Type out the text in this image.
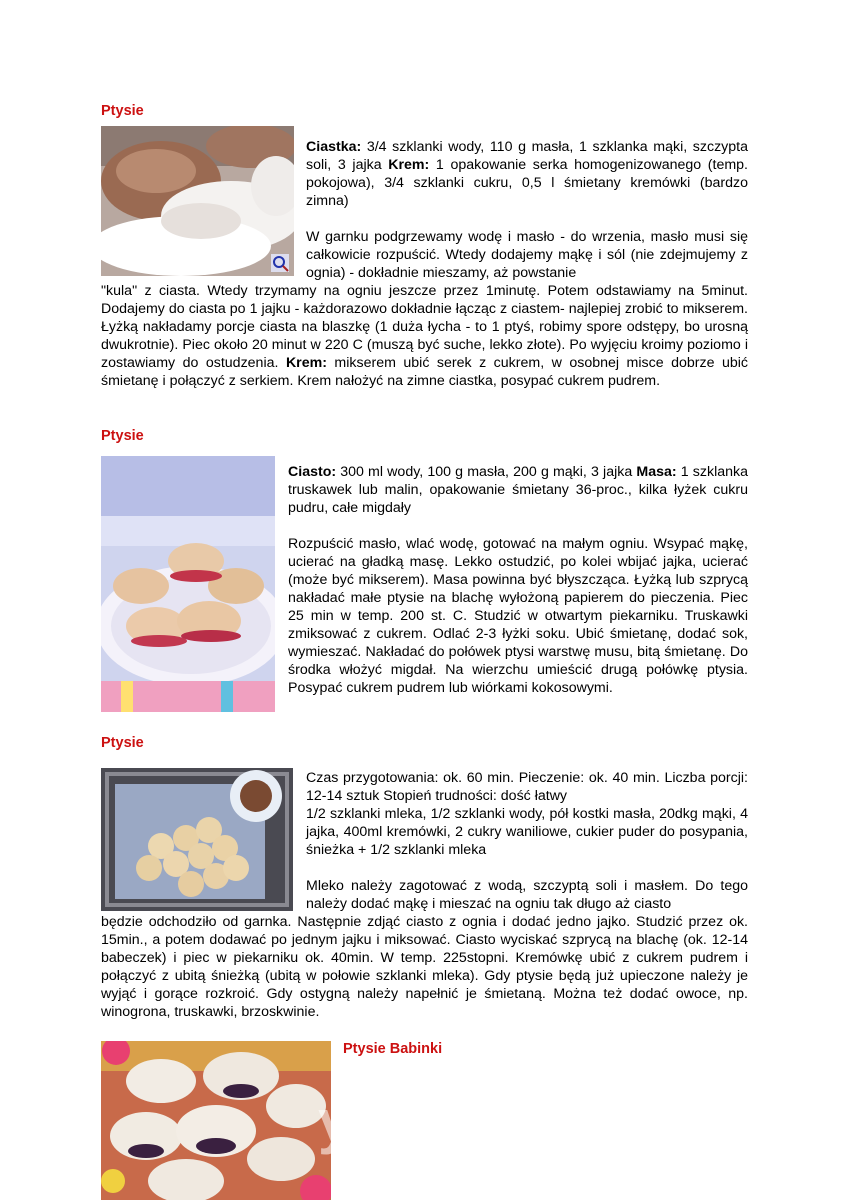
Ptysie

Ciastka: 3/4 szklanki wody, 110 g masła, 1 szklanka mąki, szczypta soli, 3 jajka Krem: 1 opakowanie serka homogenizowanego (temp. pokojowa), 3/4 szklanki cukru, 0,5 l śmietany kremówki (bardzo zimna)

W garnku podgrzewamy wodę i masło - do wrzenia, masło musi się całkowicie rozpuścić. Wtedy dodajemy mąkę i sól (nie zdejmujemy z ognia) - dokładnie mieszamy, aż powstanie

"kula" z ciasta. Wtedy trzymamy na ogniu jeszcze przez 1minutę. Potem odstawiamy na 5minut. Dodajemy do ciasta po 1 jajku - każdorazowo dokładnie łącząc z ciastem- najlepiej zrobić to mikserem. Łyżką nakładamy porcje ciasta na blaszkę (1 duża łycha - to 1 ptyś, robimy spore odstępy, bo urosną dwukrotnie). Piec około 20 minut w 220 C (muszą być suche, lekko złote). Po wyjęciu kroimy poziomo i zostawiamy do ostudzenia. Krem: mikserem ubić serek z cukrem, w osobnej misce dobrze ubić śmietanę i połączyć z serkiem. Krem nałożyć na zimne ciastka, posypać cukrem pudrem.

Ptysie

Ciasto: 300 ml wody, 100 g masła, 200 g mąki, 3 jajka Masa: 1 szklanka truskawek lub malin, opakowanie śmietany 36-proc., kilka łyżek cukru pudru, całe migdały

Rozpuścić masło, wlać wodę, gotować na małym ogniu. Wsypać mąkę, ucierać na gładką masę. Lekko ostudzić, po kolei wbijać jajka, ucierać (może być mikserem). Masa powinna być błyszcząca. Łyżką lub szprycą nakładać małe ptysie na blachę wyłożoną papierem do pieczenia. Piec 25 min w temp. 200 st. C. Studzić w otwartym piekarniku. Truskawki zmiksować z cukrem. Odlać 2-3 łyżki soku. Ubić śmietanę, dodać sok, wymieszać. Nakładać do połówek ptysi warstwę musu, bitą śmietanę. Do środka włożyć migdał. Na wierzchu umieścić drugą połówkę ptysia. Posypać cukrem pudrem lub wiórkami kokosowymi.

Ptysie

Czas przygotowania: ok. 60 min. Pieczenie: ok. 40 min. Liczba porcji: 12-14 sztuk Stopień trudności: dość łatwy

1/2 szklanki mleka, 1/2 szklanki wody, pół kostki masła, 20dkg mąki, 4 jajka, 400ml kremówki, 2 cukry waniliowe, cukier puder do posypania, śnieżka + 1/2 szklanki mleka

Mleko należy zagotować z wodą, szczyptą soli i masłem. Do tego należy dodać mąkę i mieszać na ogniu tak długo aż ciasto

będzie odchodziło od garnka. Następnie zdjąć ciasto z ognia i dodać jedno jajko. Studzić przez ok. 15min., a potem dodawać po jednym jajku i miksować. Ciasto wyciskać szprycą na blachę (ok. 12-14 babeczek) i piec w piekarniku ok. 40min. W temp. 225stopni. Kremówkę ubić z cukrem pudrem i połączyć z ubitą śnieżką (ubitą w połowie szklanki mleka). Gdy ptysie będą już upieczone należy je wyjąć i gorące rozkroić. Gdy ostygną należy napełnić je śmietaną. Można też dodać owoce, np. winogrona, truskawki, brzoskwinie.

Ptysie Babinki
ydomowe.pl
